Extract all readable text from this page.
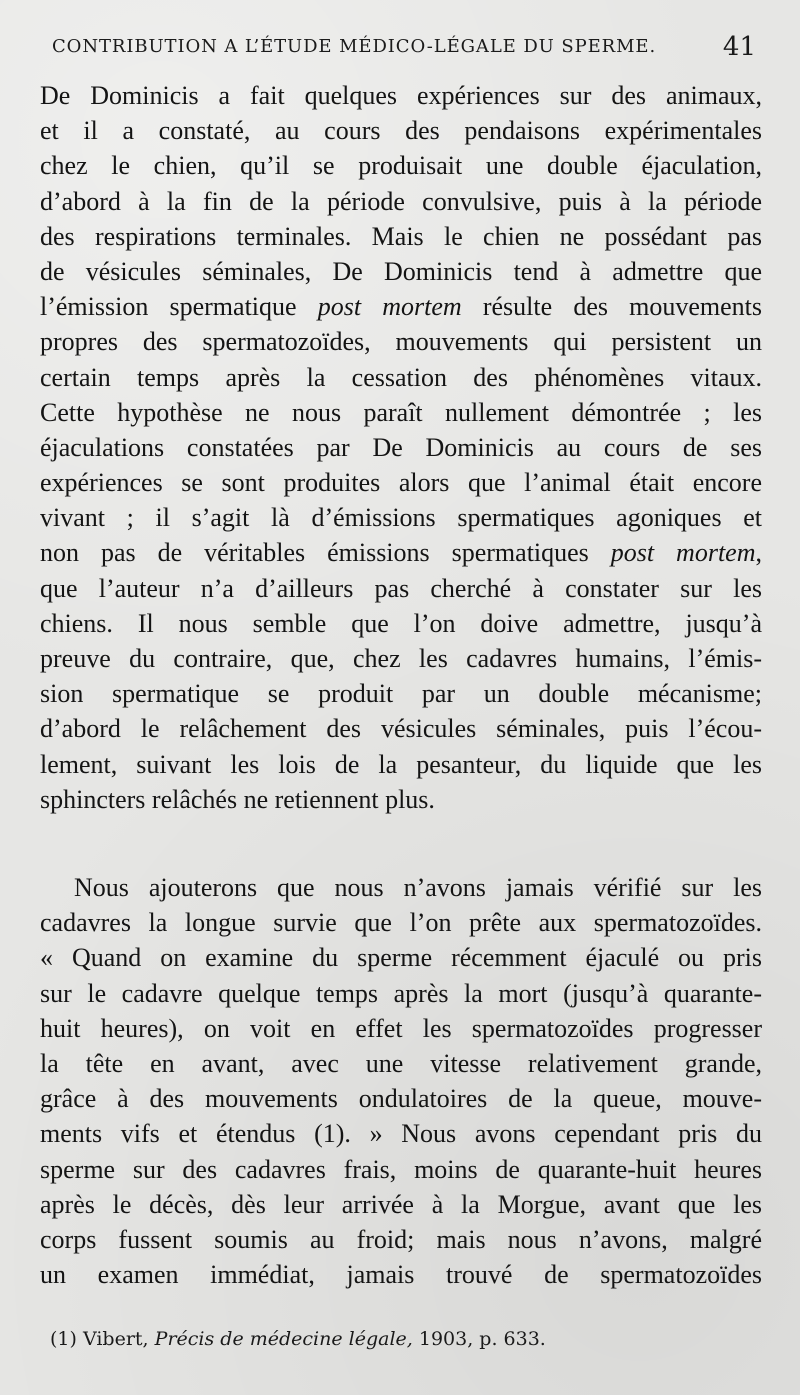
CONTRIBUTION A L’ÉTUDE MÉDICO-LÉGALE DU SPERME.	41
De Dominicis a fait quelques expériences sur des animaux,
et il a constaté, au cours des pendaisons expérimentales
chez le chien, qu’il se produisait une double éjaculation,
d’abord à la fin de la période convulsive, puis à la période
des respirations terminales. Mais le chien ne possédant pas
de vésicules séminales, De Dominicis tend à admettre que
l’émission spermatique post mortem résulte des mouvements
propres des spermatozoïdes, mouvements qui persistent un
certain temps après la cessation des phénomènes vitaux.
Cette hypothèse ne nous paraît nullement démontrée ; les
éjaculations constatées par De Dominicis au cours de ses
expériences se sont produites alors que l’animal était encore
vivant ; il s’agit là d’émissions spermatiques agoniques et
non pas de véritables émissions spermatiques post mortem,
que l’auteur n’a d’ailleurs pas cherché à constater sur les
chiens. Il nous semble que l’on doive admettre, jusqu’à
preuve du contraire, que, chez les cadavres humains, l’émis-
sion spermatique se produit par un double mécanisme;
d’abord le relâchement des vésicules séminales, puis l’écou-
lement, suivant les lois de la pesanteur, du liquide que les
sphincters relâchés ne retiennent plus.
Nous ajouterons que nous n’avons jamais vérifié sur les
cadavres la longue survie que l’on prête aux spermatozoïdes.
« Quand on examine du sperme récemment éjaculé ou pris
sur le cadavre quelque temps après la mort (jusqu’à quarante-
huit heures), on voit en effet les spermatozoïdes progresser
la tête en avant, avec une vitesse relativement grande,
grâce à des mouvements ondulatoires de la queue, mouve-
ments vifs et étendus (1). » Nous avons cependant pris du
sperme sur des cadavres frais, moins de quarante-huit heures
après le décès, dès leur arrivée à la Morgue, avant que les
corps fussent soumis au froid; mais nous n’avons, malgré
un examen immédiat, jamais trouvé de spermatozoïdes
(1) Vibert, Précis de médecine légale, 1903, p. 633.
